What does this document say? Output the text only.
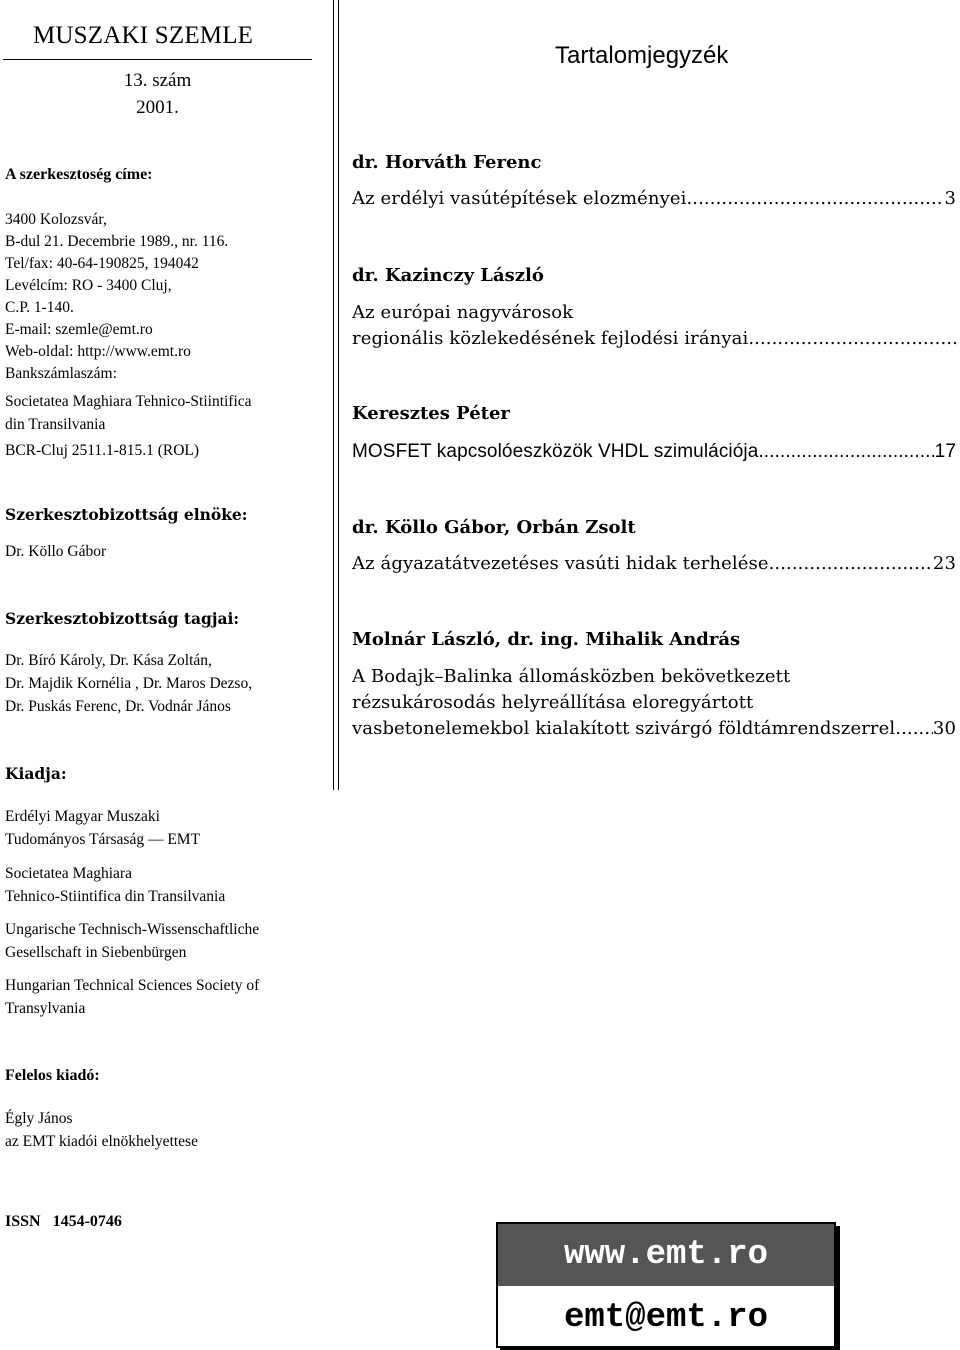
MUSZAKI SZEMLE
13. szám
2001.
A szerkesztoség címe:
3400 Kolozsvár,
B-dul 21. Decembrie 1989., nr. 116.
Tel/fax: 40-64-190825, 194042
Levélcím: RO - 3400 Cluj,
C.P. 1-140.
E-mail: szemle@emt.ro
Web-oldal: http://www.emt.ro
Bankszámlaszám:
Societatea Maghiara Tehnico-Stiintifica
din Transilvania
BCR-Cluj 2511.1-815.1 (ROL)
Szerkesztobizottság elnöke:
Dr. Köllo Gábor
Szerkesztobizottság tagjai:
Dr. Bíró Károly, Dr. Kása Zoltán,
Dr. Majdik Kornélia , Dr. Maros Dezso,
Dr. Puskás Ferenc, Dr. Vodnár János
Kiadja:
Erdélyi Magyar Muszaki
Tudományos Társaság — EMT
Societatea Maghiara
Tehnico-Stiintifica din Transilvania
Ungarische Technisch-Wissenschaftliche
Gesellschaft in Siebenbürgen
Hungarian Technical Sciences Society of
Transylvania
Felelos kiadó:
Égly János
az EMT kiadói elnökhelyettese
ISSN   1454-0746
Tartalomjegyzék
dr. Horváth Ferenc
Az erdélyi vasútépítések elozményei .....	3
dr. Kazinczy László
Az európai nagyvárosok
regionális közlekedésének fejlodési irányai
.....
Keresztes Péter
MOSFET kapcsolóeszközök VHDL szimulációja .....	17
dr. Köllo Gábor, Orbán Zsolt
Az ágyazatátvezetéses vasúti hidak terhelése .....	23
Molnár László, dr. ing. Mihalik András
A Bodajk–Balinka állomásközben bekövetkezett
rézsukárosodás helyreállítása eloregyártott
vasbetonelemekbol kialakított szivárgó földtámrendszerrel ..... 30
www.emt.ro
emt@emt.ro
